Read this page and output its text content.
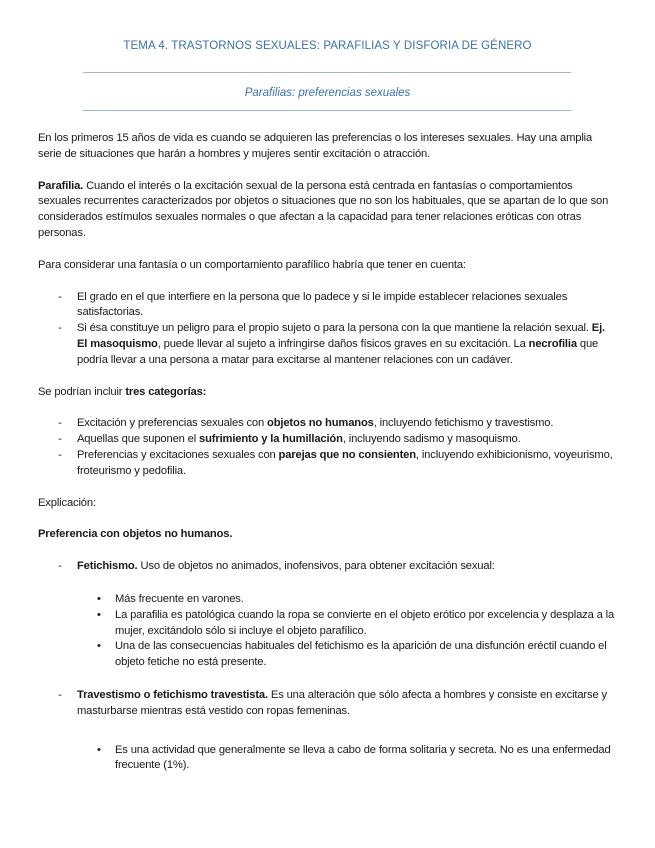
TEMA 4. TRASTORNOS SEXUALES: PARAFILIAS Y DISFORIA DE GÉNERO
Parafilias: preferencias sexuales

En los primeros 15 años de vida es cuando se adquieren las preferencias o los intereses sexuales. Hay una amplia serie de situaciones que harán a hombres y mujeres sentir excitación o atracción.

Parafilia. Cuando el interés o la excitación sexual de la persona está centrada en fantasías o comportamientos sexuales recurrentes caracterizados por objetos o situaciones que no son los habituales, que se apartan de lo que son considerados estímulos sexuales normales o que afectan a la capacidad para tener relaciones eróticas con otras personas.

Para considerar una fantasía o un comportamiento parafílico habría que tener en cuenta:

- El grado en el que interfiere en la persona que lo padece y si le impide establecer relaciones sexuales satisfactorias.
- Si ésa constituye un peligro para el propio sujeto o para la persona con la que mantiene la relación sexual. Ej. El masoquismo, puede llevar al sujeto a infringirse daños físicos graves en su excitación. La necrofilia que podría llevar a una persona a matar para excitarse al mantener relaciones con un cadáver.

Se podrían incluir tres categorías:

- Excitación y preferencias sexuales con objetos no humanos, incluyendo fetichismo y travestismo.
- Aquellas que suponen el sufrimiento y la humillación, incluyendo sadismo y masoquismo.
- Preferencias y excitaciones sexuales con parejas que no consienten, incluyendo exhibicionismo, voyeurismo, froteurismo y pedofilia.

Explicación:

Preferencia con objetos no humanos.

- Fetichismo. Uso de objetos no animados, inofensivos, para obtener excitación sexual:
• Más frecuente en varones.
• La parafilia es patológica cuando la ropa se convierte en el objeto erótico por excelencia y desplaza a la mujer, excitándolo sólo si incluye el objeto parafílico.
• Una de las consecuencias habituales del fetichismo es la aparición de una disfunción eréctil cuando el objeto fetiche no está presente.
- Travestismo o fetichismo travestista. Es una alteración que sólo afecta a hombres y consiste en excitarse y masturbarse mientras está vestido con ropas femeninas.
• Es una actividad que generalmente se lleva a cabo de forma solitaria y secreta. No es una enfermedad frecuente (1%).
